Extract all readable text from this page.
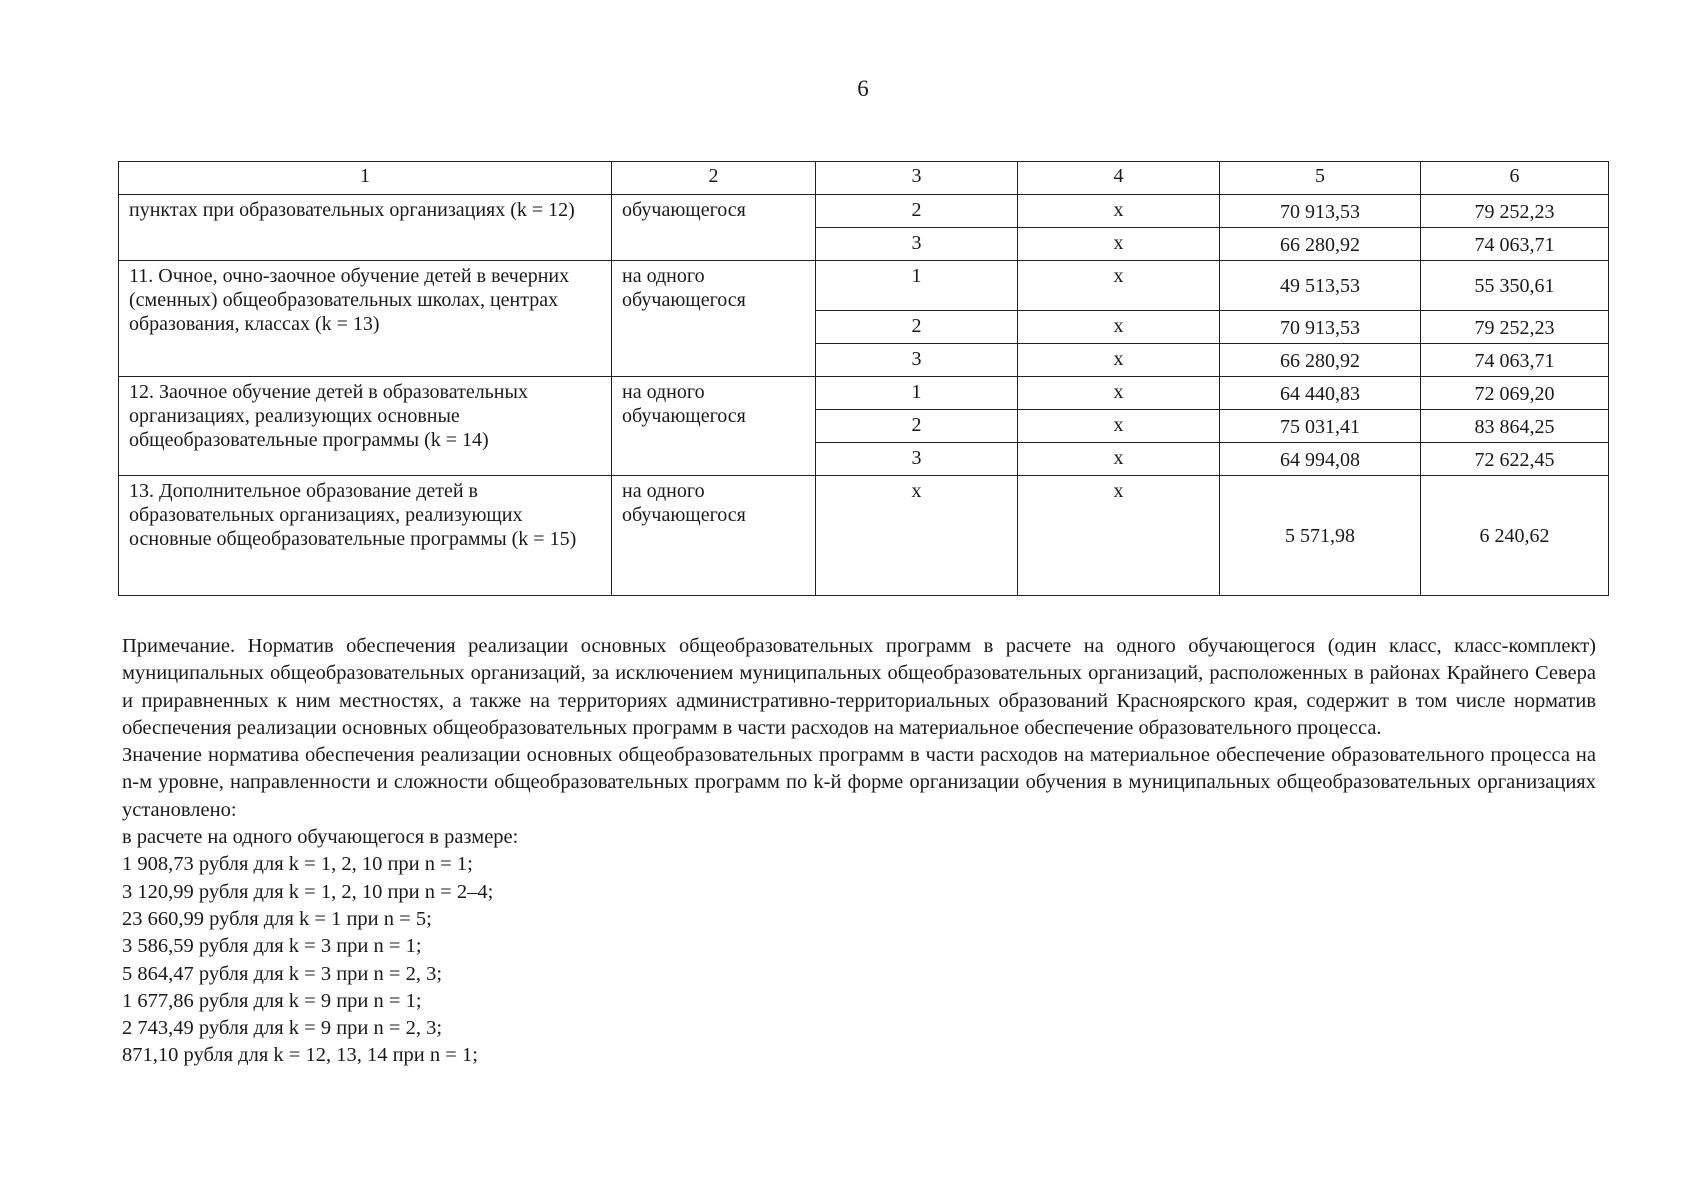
6
1	2	3	4	5	6
пунктах при образовательных организациях (k = 12)	обучающегося	2	x	70 913,53	79 252,23
		3	x	66 280,92	74 063,71
11. Очное, очно-заочное обучение детей в вечерних (сменных) общеобразовательных школах, центрах образования, классах (k = 13)	на одного обучающегося	1	x	49 513,53	55 350,61
		2	x	70 913,53	79 252,23
		3	x	66 280,92	74 063,71
12. Заочное обучение детей в образовательных организациях, реализующих основные общеобразовательные программы (k = 14)	на одного обучающегося	1	x	64 440,83	72 069,20
		2	x	75 031,41	83 864,25
		3	x	64 994,08	72 622,45
13. Дополнительное образование детей в образовательных организациях, реализующих основные общеобразовательные программы (k = 15)	на одного обучающегося	x	x	5 571,98	6 240,62

Примечание. Норматив обеспечения реализации основных общеобразовательных программ в расчете на одного обучающегося (один класс, класс-комплект) муниципальных общеобразовательных организаций, за исключением муниципальных общеобразовательных организаций, расположенных в районах Крайнего Севера и приравненных к ним местностях, а также на территориях административно-территориальных образований Красноярского края, содержит в том числе норматив обеспечения реализации основных общеобразовательных программ в части расходов на материальное обеспечение образовательного процесса.

Значение норматива обеспечения реализации основных общеобразовательных программ в части расходов на материальное обеспечение образовательного процесса на n-м уровне, направленности и сложности общеобразовательных программ по k-й форме организации обучения в муниципальных общеобразовательных организациях установлено:

в расчете на одного обучающегося в размере:
1 908,73 рубля для k = 1, 2, 10 при n = 1;
3 120,99 рубля для k = 1, 2, 10 при n = 2–4;
23 660,99 рубля для k = 1 при n = 5;
3 586,59 рубля для k = 3 при n = 1;
5 864,47 рубля для k = 3 при n = 2, 3;
1 677,86 рубля для k = 9 при n = 1;
2 743,49 рубля для k = 9 при n = 2, 3;
871,10 рубля для k = 12, 13, 14 при n = 1;
